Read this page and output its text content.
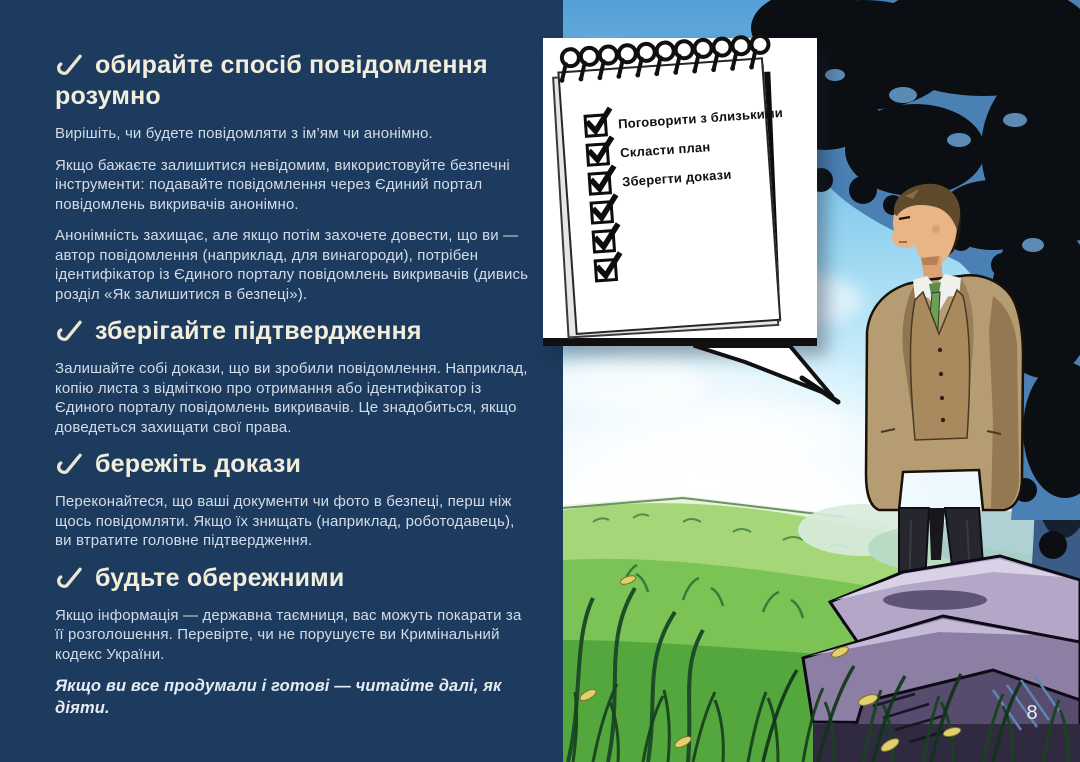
обирайте спосіб повідомлення розумно

Вирішіть, чи будете повідомляти з ім’ям чи анонімно.

Якщо бажаєте залишитися невідомим, використовуйте безпечні інструменти: подавайте повідомлення через Єдиний портал повідомлень викривачів анонімно.

Анонімність захищає, але якщо потім захочете довести, що ви — автор повідомлення (наприклад, для винагороди), потрібен ідентифікатор із Єдиного порталу повідомлень викривачів (дивись розділ «Як залишитися в безпеці»).

зберігайте підтвердження

Залишайте собі докази, що ви зробили повідомлення. Наприклад, копію листа з відміткою про отримання або ідентифікатор із Єдиного порталу повідомлень викривачів. Це знадобиться, якщо доведеться захищати свої права.

бережіть докази

Переконайтеся, що ваші документи чи фото в безпеці, перш ніж щось повідомляти. Якщо їх знищать (наприклад, роботодавець), ви втратите головне підтвердження.

будьте обережними

Якщо інформація — державна таємниця, вас можуть покарати за її розголошення. Перевірте, чи не порушуєте ви Кримінальний кодекс України.

Якщо ви все продумали і готові — читайте далі, як діяти.

Поговорити з близькими
Скласти план
Зберегти докази
8
